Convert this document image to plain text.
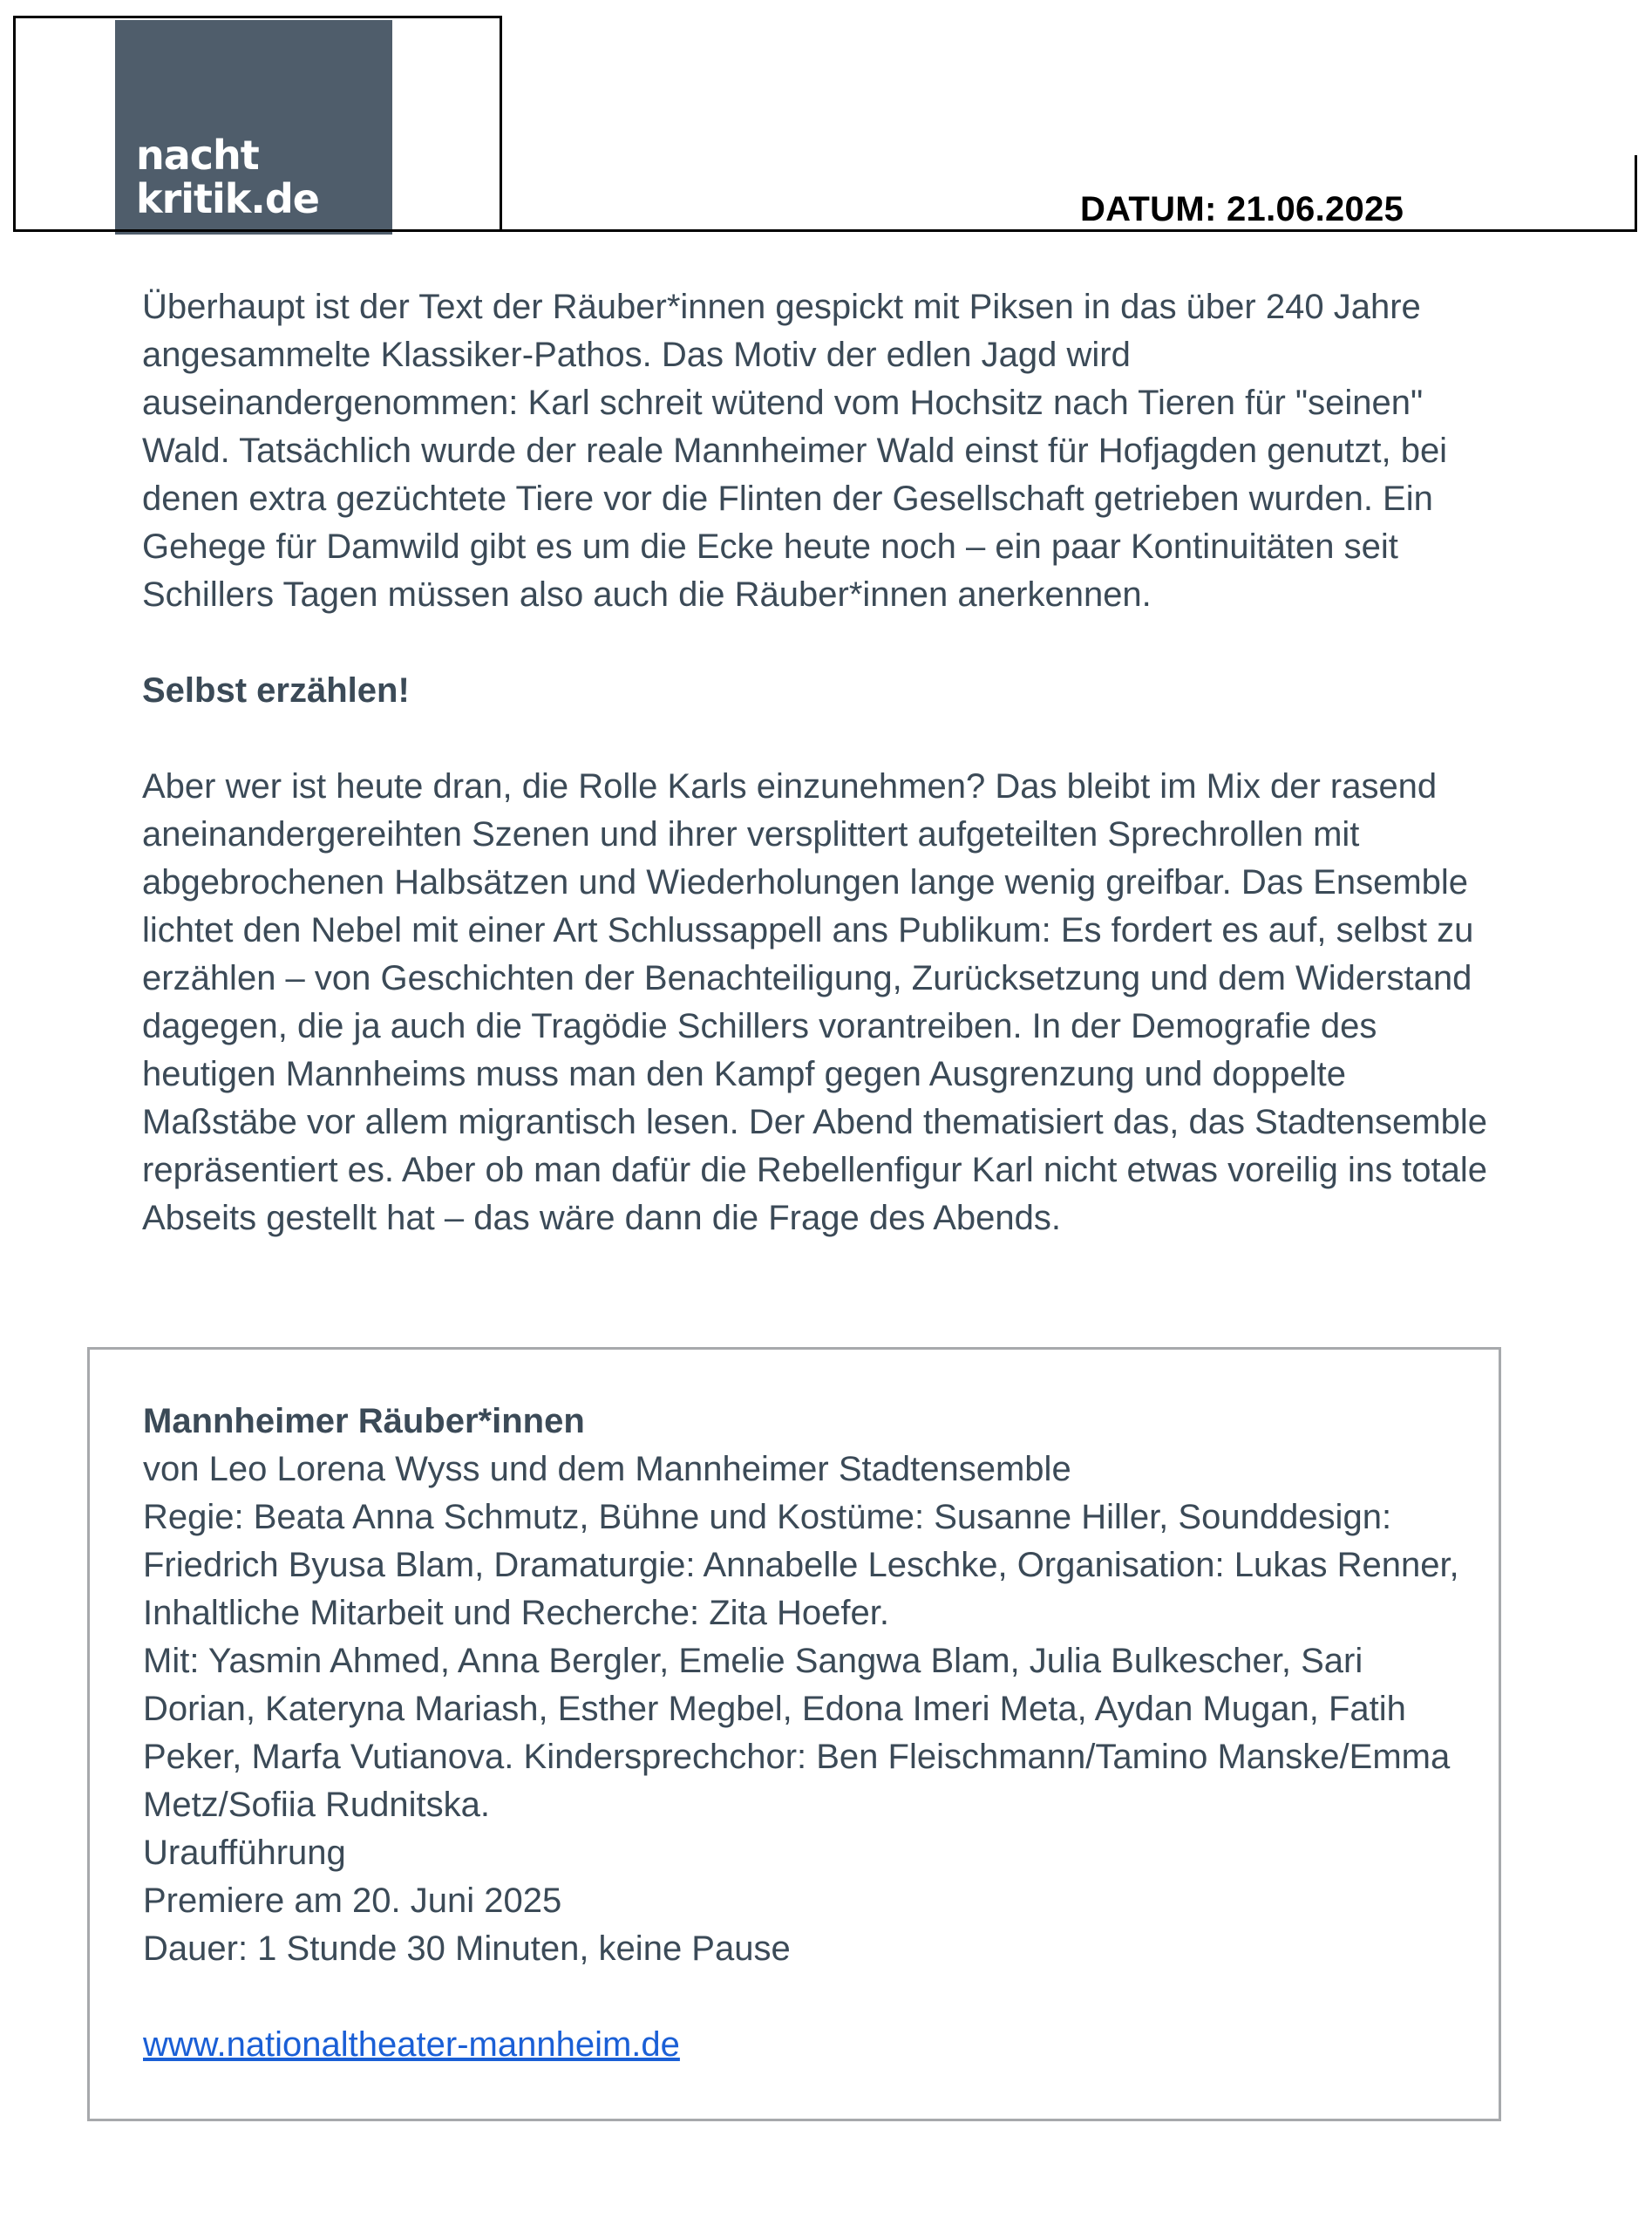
nacht
kritik.de	DATUM: 21.06.2025

Überhaupt ist der Text der Räuber*innen gespickt mit Piksen in das über 240 Jahre angesammelte Klassiker-Pathos. Das Motiv der edlen Jagd wird auseinandergenommen: Karl schreit wütend vom Hochsitz nach Tieren für "seinen" Wald. Tatsächlich wurde der reale Mannheimer Wald einst für Hofjagden genutzt, bei denen extra gezüchtete Tiere vor die Flinten der Gesellschaft getrieben wurden. Ein Gehege für Damwild gibt es um die Ecke heute noch – ein paar Kontinuitäten seit Schillers Tagen müssen also auch die Räuber*innen anerkennen.

Selbst erzählen!

Aber wer ist heute dran, die Rolle Karls einzunehmen? Das bleibt im Mix der rasend aneinandergereihten Szenen und ihrer versplittert aufgeteilten Sprechrollen mit abgebrochenen Halbsätzen und Wiederholungen lange wenig greifbar. Das Ensemble lichtet den Nebel mit einer Art Schlussappell ans Publikum: Es fordert es auf, selbst zu erzählen – von Geschichten der Benachteiligung, Zurücksetzung und dem Widerstand dagegen, die ja auch die Tragödie Schillers vorantreiben. In der Demografie des heutigen Mannheims muss man den Kampf gegen Ausgrenzung und doppelte Maßstäbe vor allem migrantisch lesen. Der Abend thematisiert das, das Stadtensemble repräsentiert es. Aber ob man dafür die Rebellenfigur Karl nicht etwas voreilig ins totale Abseits gestellt hat – das wäre dann die Frage des Abends.

Mannheimer Räuber*innen
von Leo Lorena Wyss und dem Mannheimer Stadtensemble
Regie: Beata Anna Schmutz, Bühne und Kostüme: Susanne Hiller, Sounddesign: Friedrich Byusa Blam, Dramaturgie: Annabelle Leschke, Organisation: Lukas Renner, Inhaltliche Mitarbeit und Recherche: Zita Hoefer.
Mit: Yasmin Ahmed, Anna Bergler, Emelie Sangwa Blam, Julia Bulkescher, Sari Dorian, Kateryna Mariash, Esther Megbel, Edona Imeri Meta, Aydan Mugan, Fatih Peker, Marfa Vutianova. Kindersprechchor: Ben Fleischmann/Tamino Manske/Emma Metz/Sofiia Rudnitska.
Uraufführung
Premiere am 20. Juni 2025
Dauer: 1 Stunde 30 Minuten, keine Pause
www.nationaltheater-mannheim.de
